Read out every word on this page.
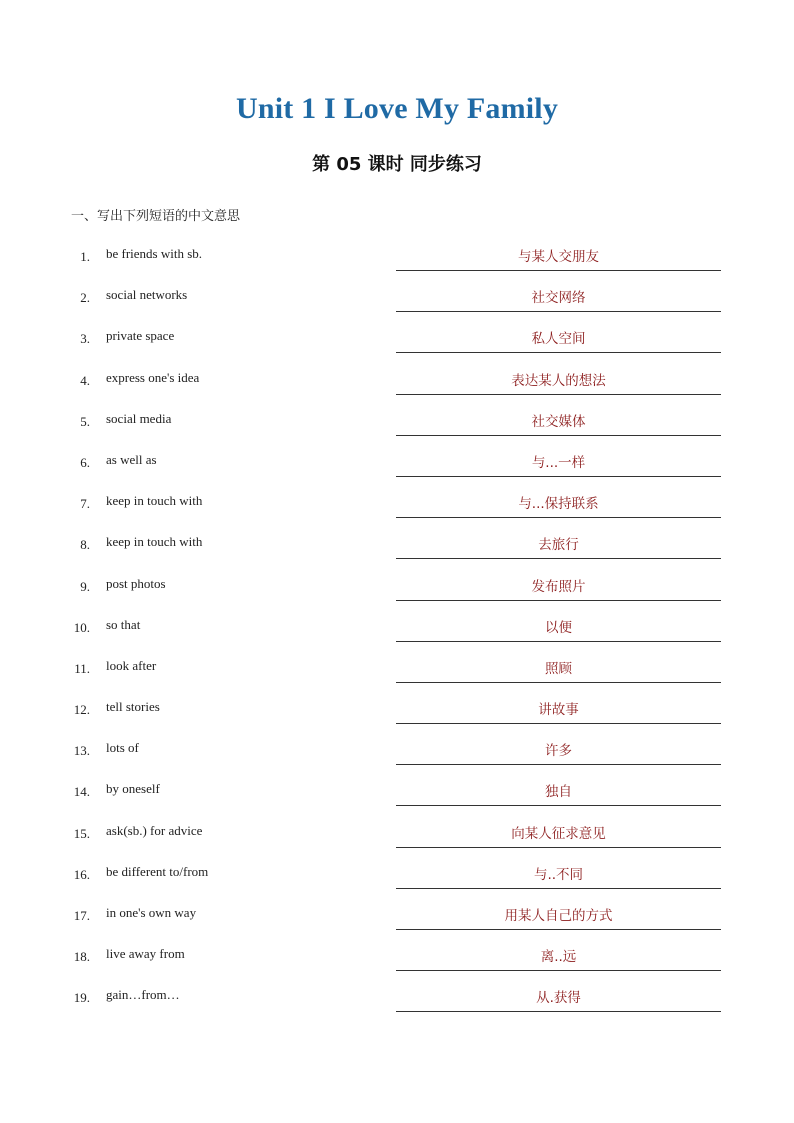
Unit 1 I Love My Family
第 05 课时 同步练习
一、写出下列短语的中文意思
1. be friends with sb.	与某人交朋友
2. social networks	社交网络
3. private space	私人空间
4. express one's idea	表达某人的想法
5. social media	社交媒体
6. as well as	与...一样
7. keep in touch with	与...保持联系
8. keep in touch with	去旅行
9. post photos	发布照片
10. so that	以便
11. look after	照顾
12. tell stories	讲故事
13. lots of	许多
14. by oneself	独自
15. ask(sb.) for advice	向某人征求意见
16. be different to/from	与..不同
17. in one's own way	用某人自己的方式
18. live away from	离..远
19. gain…from…	从.获得
